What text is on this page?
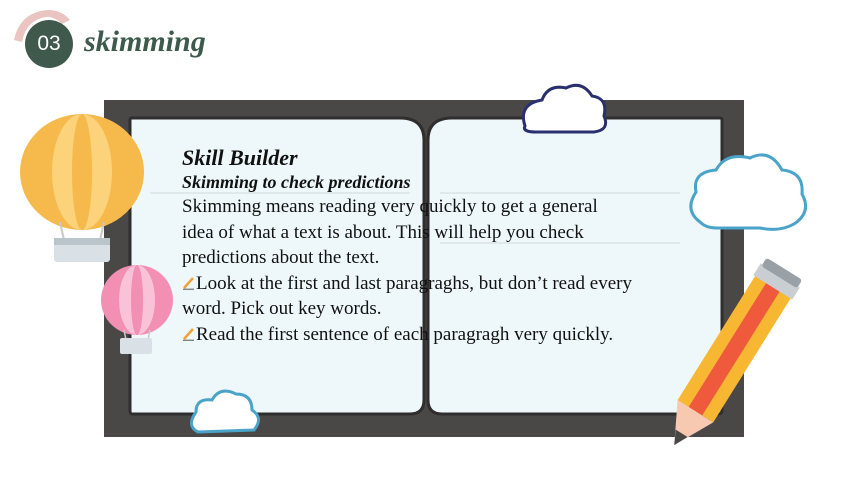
03 skimming
Skill Builder
Skimming to check predictions
Skimming means reading very quickly to get a general
idea of what a text is about. This will help you check
predictions about the text.
Look at the first and last paragraghs, but don’t read every
word. Pick out key words.
Read the first sentence of each paragragh very quickly.
